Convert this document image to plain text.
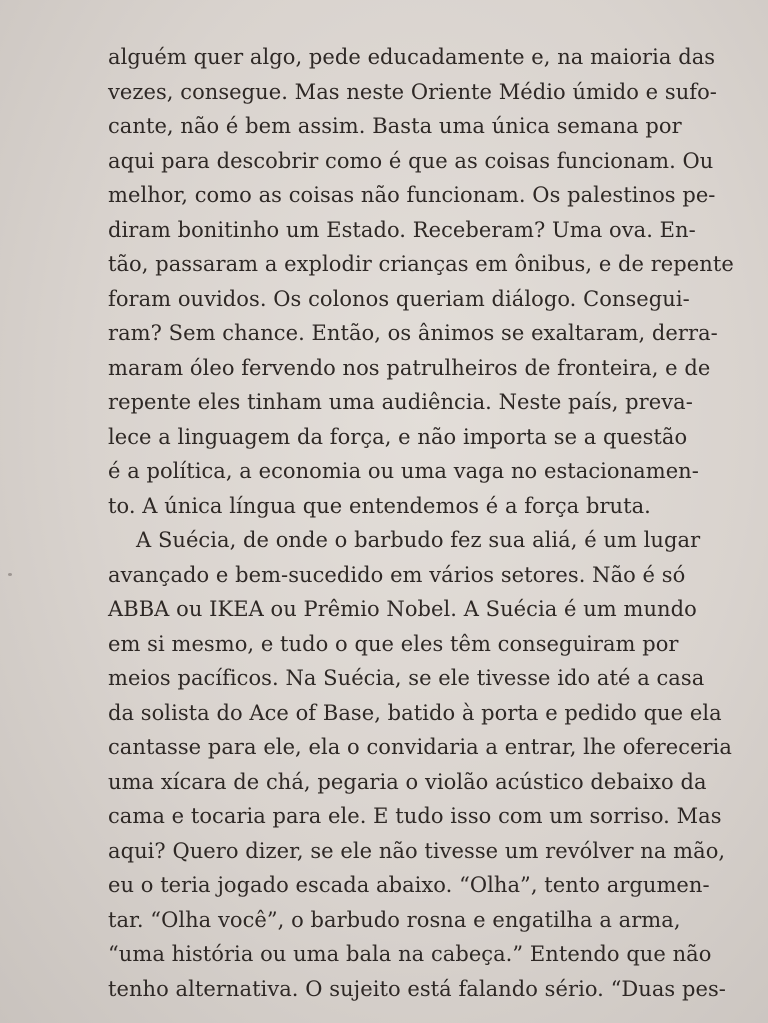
alguém quer algo, pede educadamente e, na maioria das
vezes, consegue. Mas neste Oriente Médio úmido e sufo-
cante, não é bem assim. Basta uma única semana por
aqui para descobrir como é que as coisas funcionam. Ou
melhor, como as coisas não funcionam. Os palestinos pe-
diram bonitinho um Estado. Receberam? Uma ova. En-
tão, passaram a explodir crianças em ônibus, e de repente
foram ouvidos. Os colonos queriam diálogo. Consegui-
ram? Sem chance. Então, os ânimos se exaltaram, derra-
maram óleo fervendo nos patrulheiros de fronteira, e de
repente eles tinham uma audiência. Neste país, preva-
lece a linguagem da força, e não importa se a questão
é a política, a economia ou uma vaga no estacionamen-
to. A única língua que entendemos é a força bruta.
A Suécia, de onde o barbudo fez sua aliá, é um lugar
avançado e bem-sucedido em vários setores. Não é só
ABBA ou IKEA ou Prêmio Nobel. A Suécia é um mundo
em si mesmo, e tudo o que eles têm conseguiram por
meios pacíficos. Na Suécia, se ele tivesse ido até a casa
da solista do Ace of Base, batido à porta e pedido que ela
cantasse para ele, ela o convidaria a entrar, lhe ofereceria
uma xícara de chá, pegaria o violão acústico debaixo da
cama e tocaria para ele. E tudo isso com um sorriso. Mas
aqui? Quero dizer, se ele não tivesse um revólver na mão,
eu o teria jogado escada abaixo. “Olha”, tento argumen-
tar. “Olha você”, o barbudo rosna e engatilha a arma,
“uma história ou uma bala na cabeça.” Entendo que não
tenho alternativa. O sujeito está falando sério. “Duas pes-
